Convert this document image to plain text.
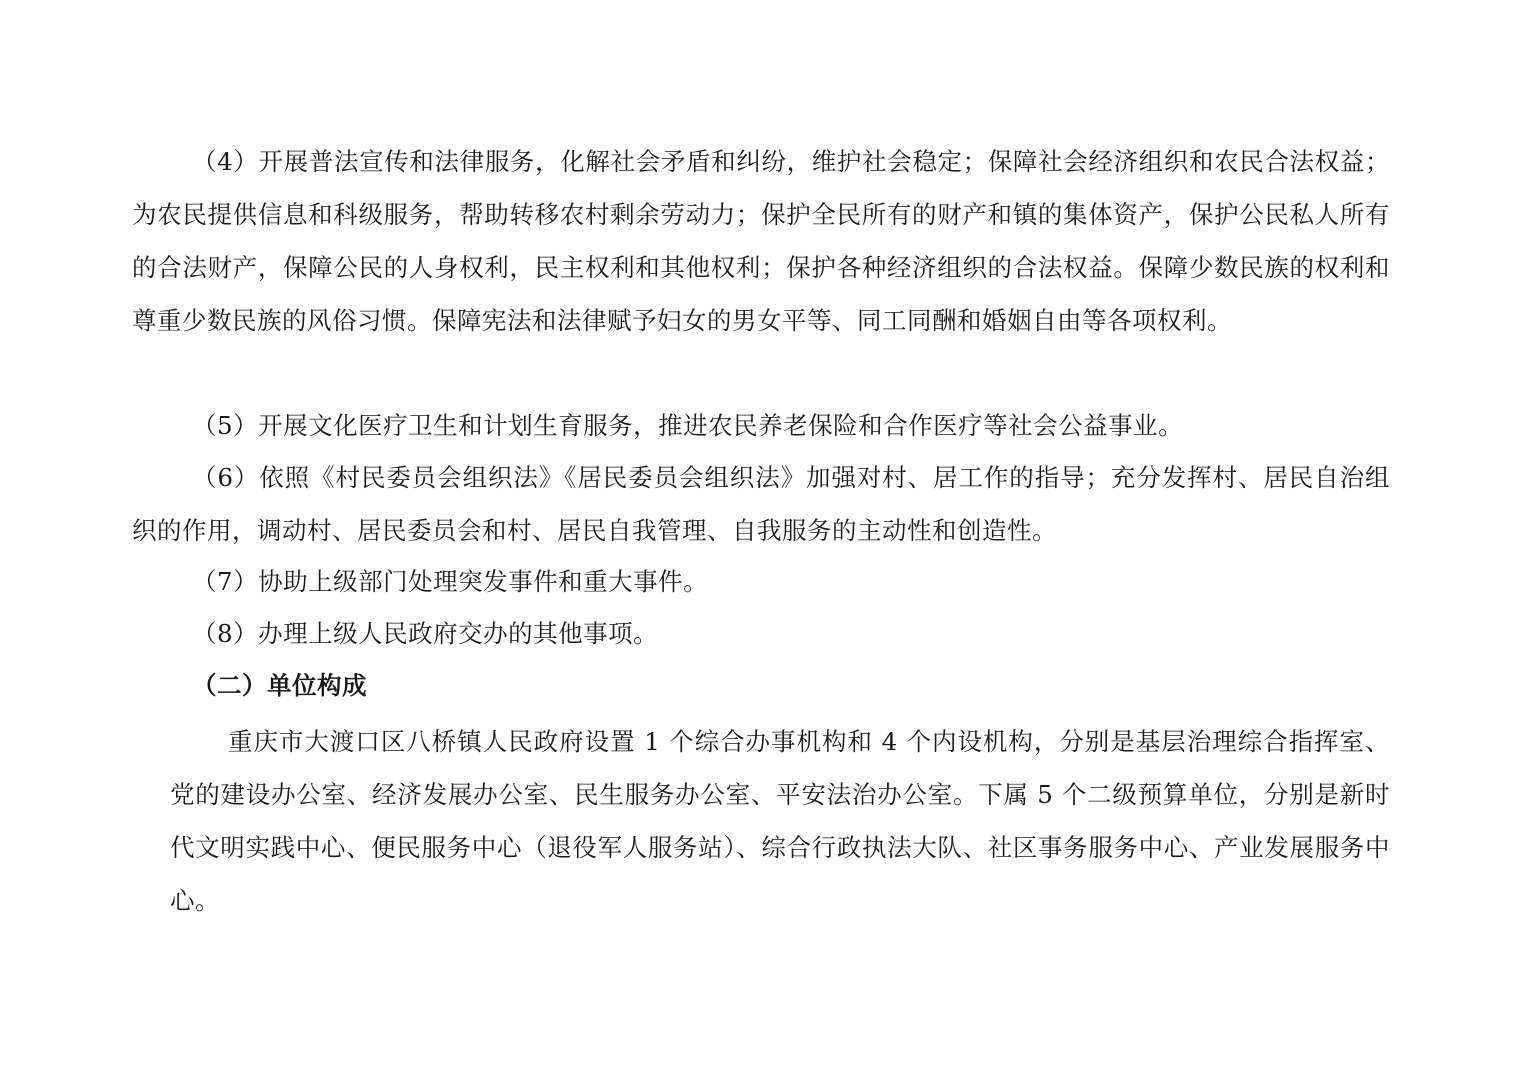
（4）开展普法宣传和法律服务，化解社会矛盾和纠纷，维护社会稳定；保障社会经济组织和农民合法权益；为农民提供信息和科级服务，帮助转移农村剩余劳动力；保护全民所有的财产和镇的集体资产，保护公民私人所有的合法财产，保障公民的人身权利，民主权利和其他权利；保护各种经济组织的合法权益。保障少数民族的权利和尊重少数民族的风俗习惯。保障宪法和法律赋予妇女的男女平等、同工同酬和婚姻自由等各项权利。

（5）开展文化医疗卫生和计划生育服务，推进农民养老保险和合作医疗等社会公益事业。

（6）依照《村民委员会组织法》《居民委员会组织法》加强对村、居工作的指导；充分发挥村、居民自治组织的作用，调动村、居民委员会和村、居民自我管理、自我服务的主动性和创造性。

（7）协助上级部门处理突发事件和重大事件。

（8）办理上级人民政府交办的其他事项。

（二）单位构成

重庆市大渡口区八桥镇人民政府设置 1 个综合办事机构和 4 个内设机构，分别是基层治理综合指挥室、党的建设办公室、经济发展办公室、民生服务办公室、平安法治办公室。下属 5 个二级预算单位，分别是新时代文明实践中心、便民服务中心（退役军人服务站）、综合行政执法大队、社区事务服务中心、产业发展服务中心。
